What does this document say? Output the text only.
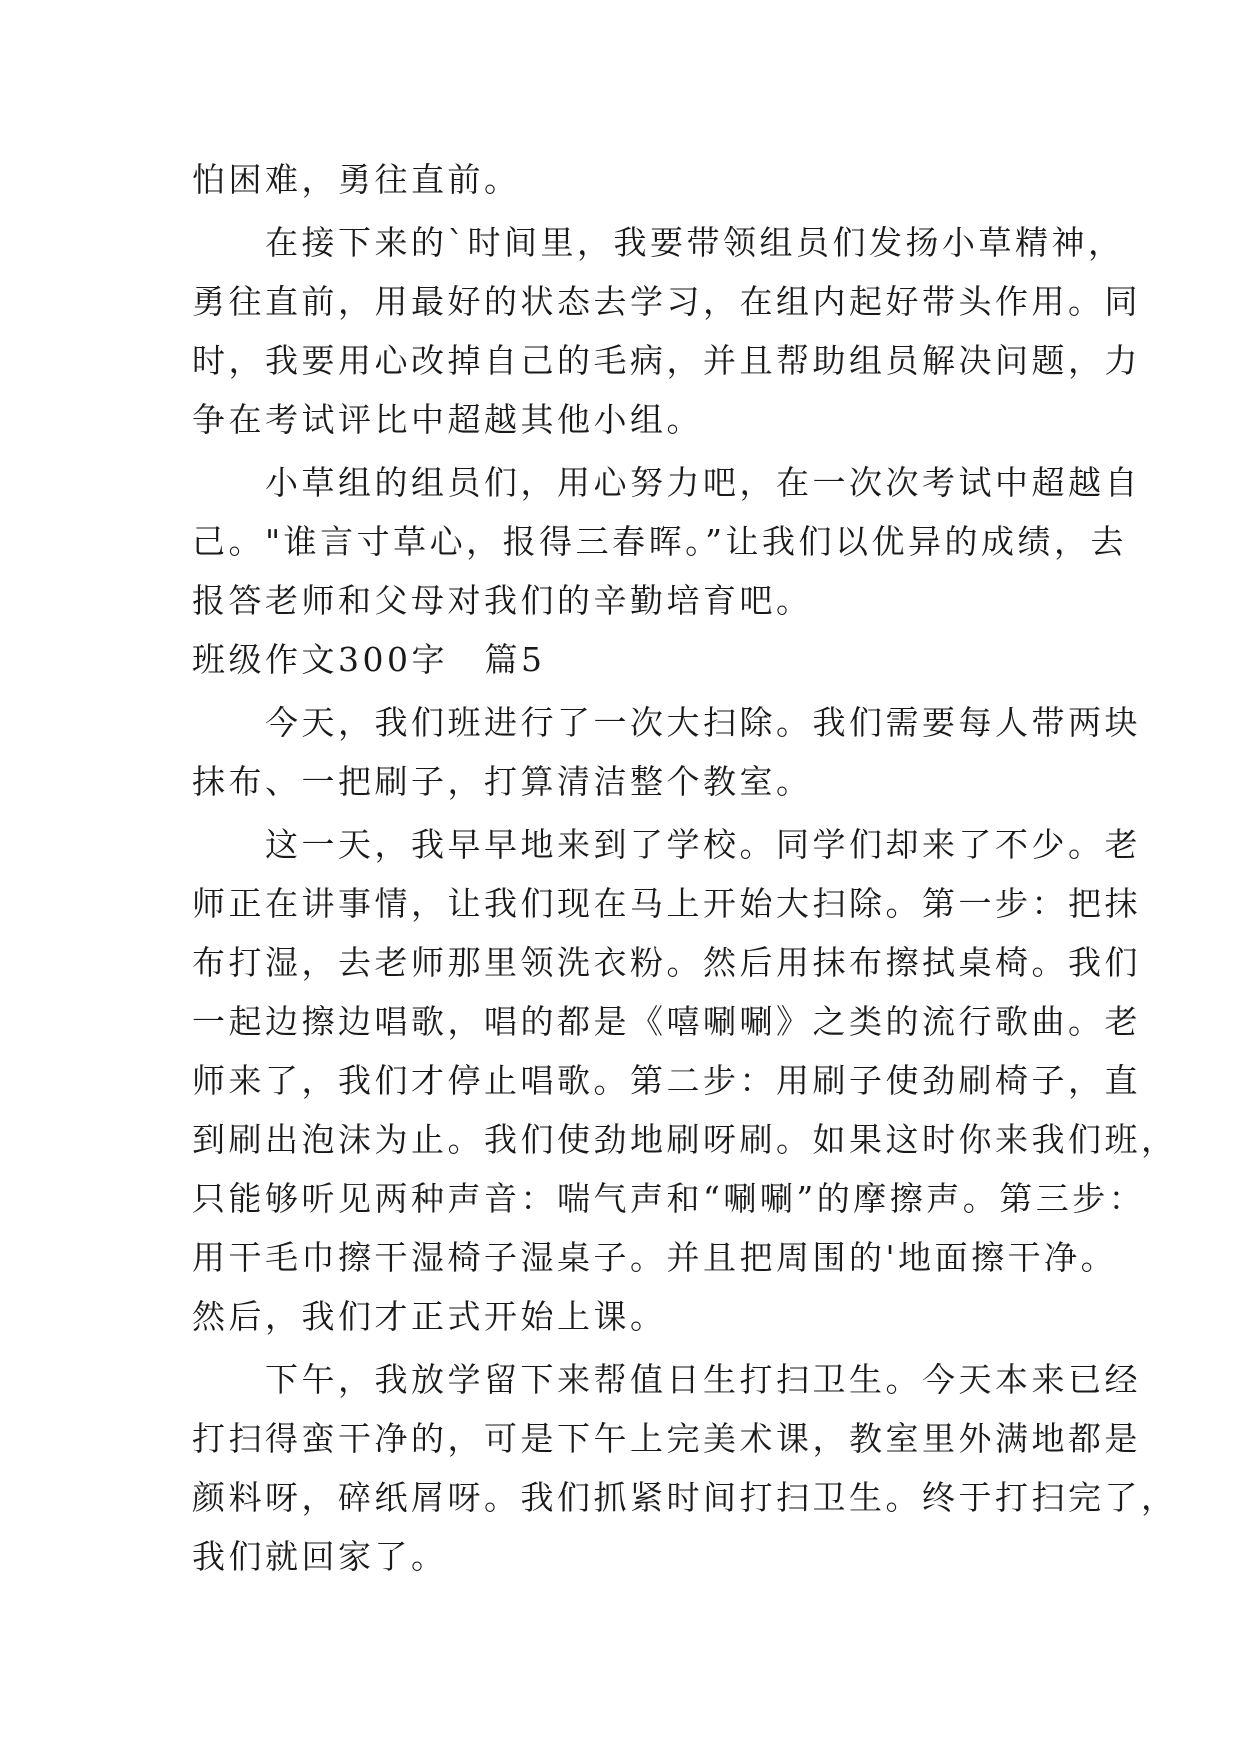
怕困难，勇往直前。
　　在接下来的`时间里，我要带领组员们发扬小草精神，
勇往直前，用最好的状态去学习，在组内起好带头作用。同
时，我要用心改掉自己的毛病，并且帮助组员解决问题，力
争在考试评比中超越其他小组。
　　小草组的组员们，用心努力吧，在一次次考试中超越自
己。"谁言寸草心，报得三春晖。”让我们以优异的成绩，去
报答老师和父母对我们的辛勤培育吧。
班级作文300字　篇5
　　今天，我们班进行了一次大扫除。我们需要每人带两块
抹布、一把刷子，打算清洁整个教室。
　　这一天，我早早地来到了学校。同学们却来了不少。老
师正在讲事情，让我们现在马上开始大扫除。第一步：把抹
布打湿，去老师那里领洗衣粉。然后用抹布擦拭桌椅。我们
一起边擦边唱歌，唱的都是《嘻唰唰》之类的流行歌曲。老
师来了，我们才停止唱歌。第二步：用刷子使劲刷椅子，直
到刷出泡沫为止。我们使劲地刷呀刷。如果这时你来我们班，
只能够听见两种声音：喘气声和“唰唰”的摩擦声。第三步：
用干毛巾擦干湿椅子湿桌子。并且把周围的'地面擦干净。
然后，我们才正式开始上课。
　　下午，我放学留下来帮值日生打扫卫生。今天本来已经
打扫得蛮干净的，可是下午上完美术课，教室里外满地都是
颜料呀，碎纸屑呀。我们抓紧时间打扫卫生。终于打扫完了，
我们就回家了。
